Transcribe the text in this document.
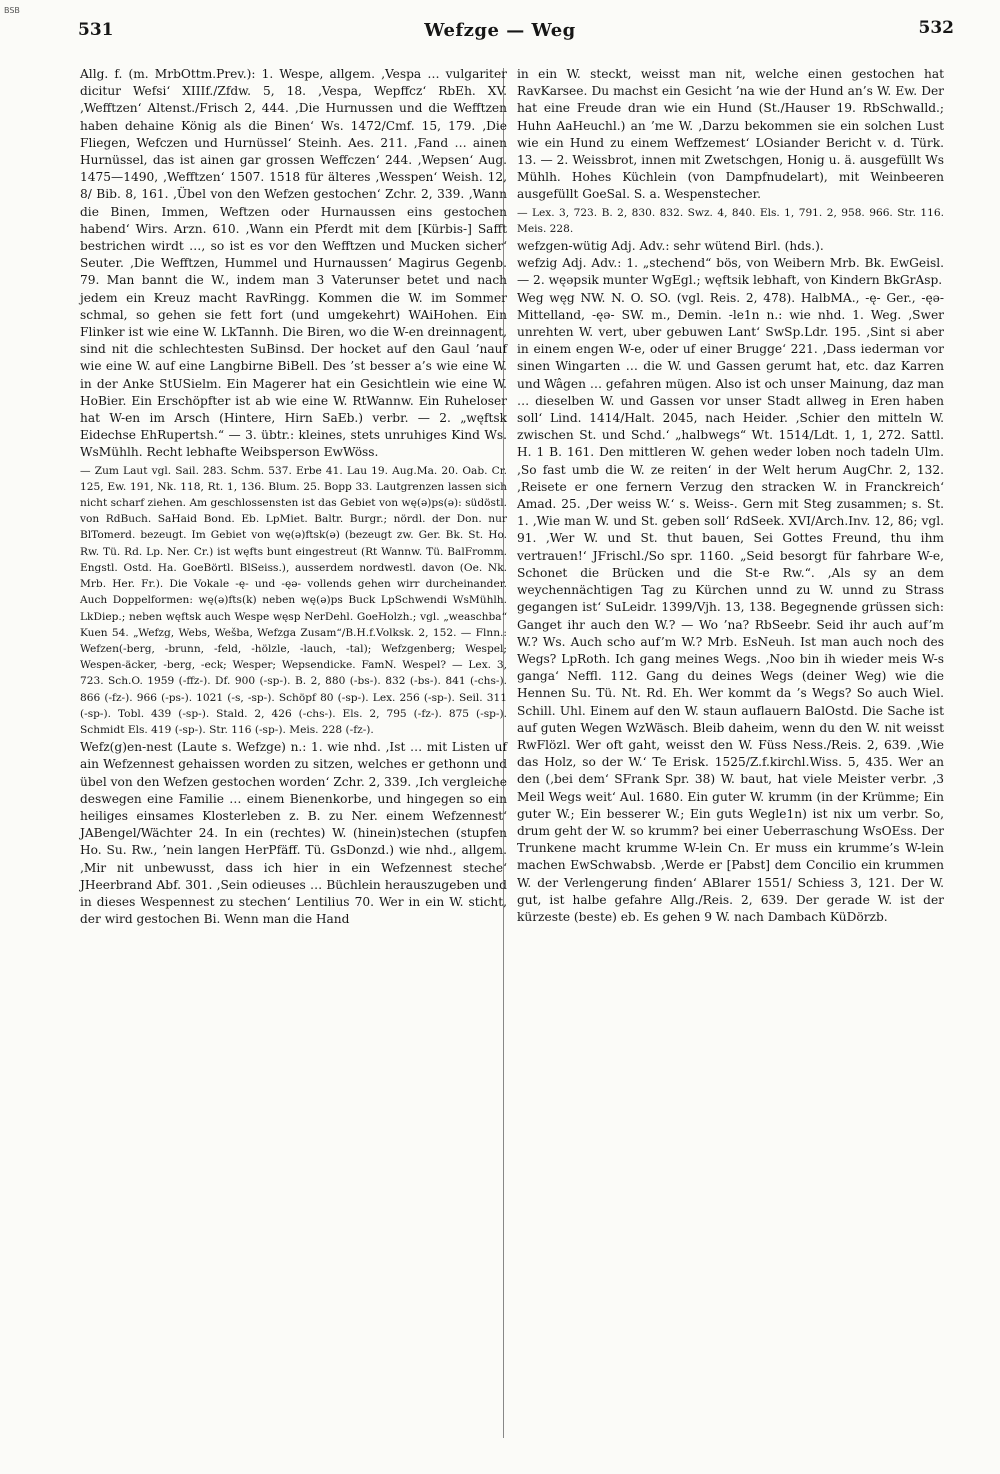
BSB
531	Wefzge — Weg	532

Allg. f. (m. MrbOttm.Prev.): 1. Wespe, allgem. ‚Vespa … vulgariter dicitur Wefsi‘ XIIIf./Zfdw. 5, 18. ‚Vespa, Wepffcz‘ RbEh. XV. ‚Wefftzen‘ Altenst./Frisch 2, 444. ‚Die Hurnussen und die Wefftzen haben dehaine König als die Binen‘ Ws. 1472/Cmf. 15, 179. ‚Die Fliegen, Wefczen und Hurnüssel‘ Steinh. Aes. 211. ‚Fand … ainen Hurnüssel, das ist ainen gar grossen Weffczen‘ 244. ‚Wepsen‘ Aug. 1475—1490, ‚Wefftzen‘ 1507. 1518 für älteres ‚Wesspen‘ Weish. 12, 8/ Bib. 8, 161. ‚Übel von den Wefzen gestochen‘ Zchr. 2, 339. ‚Wann die Binen, Immen, Weftzen oder Hurnaussen eins gestochen habend‘ Wirs. Arzn. 610. ‚Wann ein Pferdt mit dem [Kürbis-] Safft bestrichen wirdt …, so ist es vor den Wefftzen und Mucken sicher‘ Seuter. ‚Die Wefftzen, Hummel und Hurnaussen‘ Magirus Gegenb. 79. Man bannt die W., indem man 3 Vaterunser betet und nach jedem ein Kreuz macht RavRingg. Kommen die W. im Sommer schmal, so gehen sie fett fort (und umgekehrt) WAiHohen. Ein Flinker ist wie eine W. LkTannh. Die Biren, wo die W-en dreinnagent, sind nit die schlechtesten SuBinsd. Der hocket auf den Gaul ’nauf wie eine W. auf eine Langbirne BiBell. Des ’st besser a’s wie eine W. in der Anke StUSielm. Ein Magerer hat ein Gesichtlein wie eine W. HoBier. Ein Erschöpfter ist ab wie eine W. RtWannw. Ein Ruheloser hat W-en im Arsch (Hintere, Hirn SaEb.) verbr. — 2. „węftsk Eidechse EhRupertsh.“ — 3. übtr.: kleines, stets unruhiges Kind Ws. WsMühlh. Recht lebhafte Weibsperson EwWöss.

— Zum Laut vgl. Sail. 283. Schm. 537. Erbe 41. Lau 19. Aug.Ma. 20. Oab. Cr. 125, Ew. 191, Nk. 118, Rt. 1, 136. Blum. 25. Bopp 33. Lautgrenzen lassen sich nicht scharf ziehen. Am geschlossensten ist das Gebiet von wę(ə)ps(ə): südöstl. von RdBuch. SaHaid Bond. Eb. LpMiet. Baltr. Burgr.; nördl. der Don. nur BlTomerd. bezeugt. Im Gebiet von wę(ə)ftsk(ə) (bezeugt zw. Ger. Bk. St. Ho. Rw. Tü. Rd. Lp. Ner. Cr.) ist węfts bunt eingestreut (Rt Wannw. Tü. BalFromm. Engstl. Ostd. Ha. GoeBörtl. BlSeiss.), ausserdem nordwestl. davon (Oe. Nk. Mrb. Her. Fr.). Die Vokale -ę- und -ęə- vollends gehen wirr durcheinander. Auch Doppelformen: wę(ə)fts(k) neben wę(ə)ps Buck LpSchwendi WsMühlh. LkDiep.; neben węftsk auch Wespe węsp NerDehl. GoeHolzh.; vgl. „weaschba“ Kuen 54. „Wefzg, Webs, Wešba, Wefzga Zusam“/B.H.f.Volksk. 2, 152. — Flnn.: Wefzen(-berg, -brunn, -feld, -hölzle, -lauch, -tal); Wefzgenberg; Wespel; Wespen-äcker, -berg, -eck; Wesper; Wepsendicke. FamN. Wespel? — Lex. 3, 723. Sch.O. 1959 (-ffz-). Df. 900 (-sp-). B. 2, 880 (-bs-). 832 (-bs-). 841 (-chs-). 866 (-fz-). 966 (-ps-). 1021 (-s, -sp-). Schöpf 80 (-sp-). Lex. 256 (-sp-). Seil. 311 (-sp-). Tobl. 439 (-sp-). Stald. 2, 426 (-chs-). Els. 2, 795 (-fz-). 875 (-sp-). Schmidt Els. 419 (-sp-). Str. 116 (-sp-). Meis. 228 (-fz-).

Wefz(g)en-nest (Laute s. Wefzge) n.: 1. wie nhd. ‚Ist … mit Listen uf ain Wefzennest gehaissen worden zu sitzen, welches er gethonn und übel von den Wefzen gestochen worden‘ Zchr. 2, 339. ‚Ich vergleiche deswegen eine Familie … einem Bienenkorbe, und hingegen so ein heiliges einsames Klosterleben z. B. zu Ner. einem Wefzennest‘ JABengel/Wächter 24. In ein (rechtes) W. (hinein)stechen (stupfen Ho. Su. Rw., ’nein langen HerPfäff. Tü. GsDonzd.) wie nhd., allgem. ‚Mir nit unbewusst, dass ich hier in ein Wefzennest steche‘ JHeerbrand Abf. 301. ‚Sein odieuses … Büchlein herauszugeben und in dieses Wespennest zu stechen‘ Lentilius 70. Wer in ein W. sticht, der wird gestochen Bi. Wenn man die Hand

in ein W. steckt, weisst man nit, welche einen gestochen hat RavKarsee. Du machst ein Gesicht ’na wie der Hund an’s W. Ew. Der hat eine Freude dran wie ein Hund (St./Hauser 19. RbSchwalld.; Huhn AaHeuchl.) an ’me W. ‚Darzu bekommen sie ein solchen Lust wie ein Hund zu einem Weffzemest‘ LOsiander Bericht v. d. Türk. 13. — 2. Weissbrot, innen mit Zwetschgen, Honig u. ä. ausgefüllt Ws Mühlh. Hohes Küchlein (von Dampfnudelart), mit Weinbeeren ausgefüllt GoeSal. S. a. Wespenstecher.

— Lex. 3, 723. B. 2, 830. 832. Swz. 4, 840. Els. 1, 791. 2, 958. 966. Str. 116. Meis. 228.

wefzgen-wütig Adj. Adv.: sehr wütend Birl. (hds.).

wefzig Adj. Adv.: 1. „stechend“ bös, von Weibern Mrb. Bk. EwGeisl. — 2. węəpsik munter WgEgl.; węftsik lebhaft, von Kindern BkGrAsp.

Weg węg NW. N. O. SO. (vgl. Reis. 2, 478). HalbMA., -ę- Ger., -ęə- Mittelland, -ęə- SW. m., Demin. -le1n n.: wie nhd. 1. Weg. ‚Swer unrehten W. vert, uber gebuwen Lant‘ SwSp.Ldr. 195. ‚Sint si aber in einem engen W-e, oder uf einer Brugge‘ 221. ‚Dass iederman vor sinen Wingarten … die W. und Gassen gerumt hat, etc. daz Karren und Wâgen … gefahren mügen. Also ist och unser Mainung, daz man … dieselben W. und Gassen vor unser Stadt allweg in Eren haben soll‘ Lind. 1414/Halt. 2045, nach Heider. ‚Schier den mitteln W. zwischen St. und Schd.‘ „halbwegs“ Wt. 1514/Ldt. 1, 1, 272. Sattl. H. 1 B. 161. Den mittleren W. gehen weder loben noch tadeln Ulm. ‚So fast umb die W. ze reiten‘ in der Welt herum AugChr. 2, 132. ‚Reisete er one fernern Verzug den stracken W. in Franckreich‘ Amad. 25. ‚Der weiss W.‘ s. Weiss-. Gern mit Steg zusammen; s. St. 1. ‚Wie man W. und St. geben soll‘ RdSeek. XVI/Arch.Inv. 12, 86; vgl. 91. ‚Wer W. und St. thut bauen, Sei Gottes Freund, thu ihm vertrauen!‘ JFrischl./So spr. 1160. „Seid besorgt für fahrbare W-e, Schonet die Brücken und die St-e Rw.“. ‚Als sy an dem weychennächtigen Tag zu Kürchen unnd zu W. unnd zu Strass gegangen ist‘ SuLeidr. 1399/Vjh. 13, 138. Begegnende grüssen sich: Ganget ihr auch den W.? — Wo ’na? RbSeebr. Seid ihr auch auf’m W.? Ws. Auch scho auf’m W.? Mrb. EsNeuh. Ist man auch noch des Wegs? LpRoth. Ich gang meines Wegs. ‚Noo bin ih wieder meis W-s ganga‘ Neffl. 112. Gang du deines Wegs (deiner Weg) wie die Hennen Su. Tü. Nt. Rd. Eh. Wer kommt da ’s Wegs? So auch Wiel. Schill. Uhl. Einem auf den W. staun auflauern BalOstd. Die Sache ist auf guten Wegen WzWäsch. Bleib daheim, wenn du den W. nit weisst RwFlözl. Wer oft gaht, weisst den W. Füss Ness./Reis. 2, 639. ‚Wie das Holz, so der W.‘ Te Erisk. 1525/Z.f.kirchl.Wiss. 5, 435. Wer an den (‚bei dem‘ SFrank Spr. 38) W. baut, hat viele Meister verbr. ‚3 Meil Wegs weit‘ Aul. 1680. Ein guter W. krumm (in der Krümme; Ein guter W.; Ein besserer W.; Ein guts Wegle1n) ist nix um verbr. So, drum geht der W. so krumm? bei einer Ueberraschung WsOEss. Der Trunkene macht krumme W-lein Cn. Er muss ein krumme’s W-lein machen EwSchwabsb. ‚Werde er [Pabst] dem Concilio ein krummen W. der Verlengerung finden‘ ABlarer 1551/ Schiess 3, 121. Der W. gut, ist halbe gefahre Allg./Reis. 2, 639. Der gerade W. ist der kürzeste (beste) eb. Es gehen 9 W. nach Dambach KüDörzb.
